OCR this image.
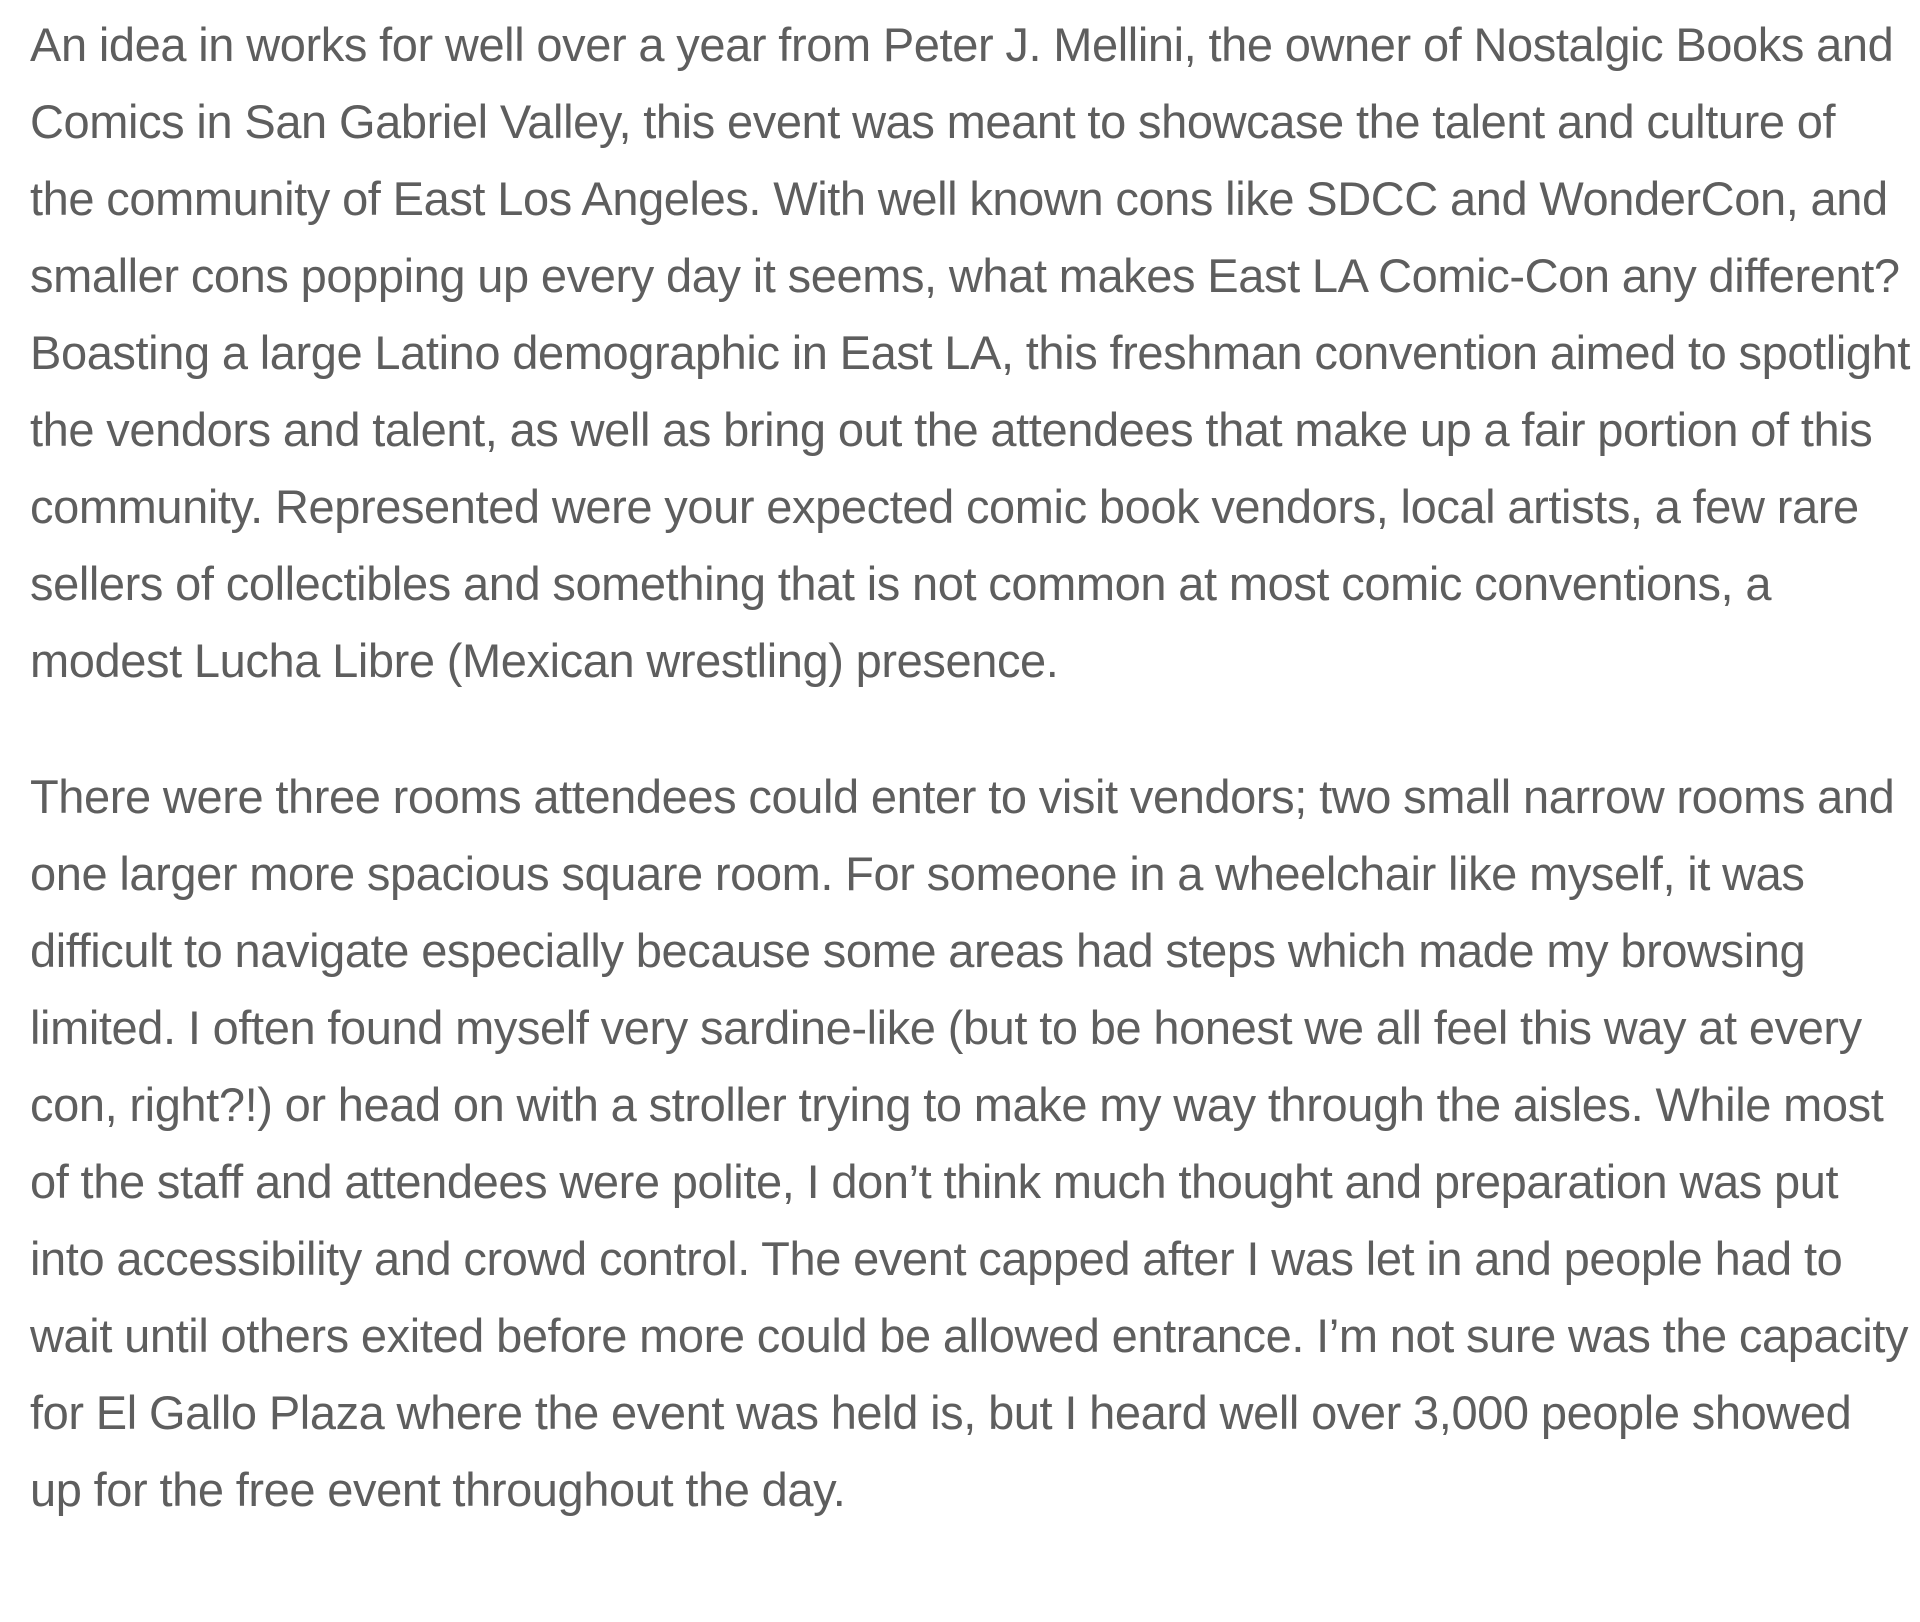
An idea in works for well over a year from Peter J. Mellini, the owner of Nostalgic Books and Comics in San Gabriel Valley, this event was meant to showcase the talent and culture of the community of East Los Angeles. With well known cons like SDCC and WonderCon, and smaller cons popping up every day it seems, what makes East LA Comic-Con any different? Boasting a large Latino demographic in East LA, this freshman convention aimed to spotlight the vendors and talent, as well as bring out the attendees that make up a fair portion of this community. Represented were your expected comic book vendors, local artists, a few rare sellers of collectibles and something that is not common at most comic conventions, a modest Lucha Libre (Mexican wrestling) presence.

There were three rooms attendees could enter to visit vendors; two small narrow rooms and one larger more spacious square room. For someone in a wheelchair like myself, it was difficult to navigate especially because some areas had steps which made my browsing limited. I often found myself very sardine-like (but to be honest we all feel this way at every con, right?!) or head on with a stroller trying to make my way through the aisles. While most of the staff and attendees were polite, I don’t think much thought and preparation was put into accessibility and crowd control. The event capped after I was let in and people had to wait until others exited before more could be allowed entrance. I’m not sure was the capacity for El Gallo Plaza where the event was held is, but I heard well over 3,000 people showed up for the free event throughout the day.
